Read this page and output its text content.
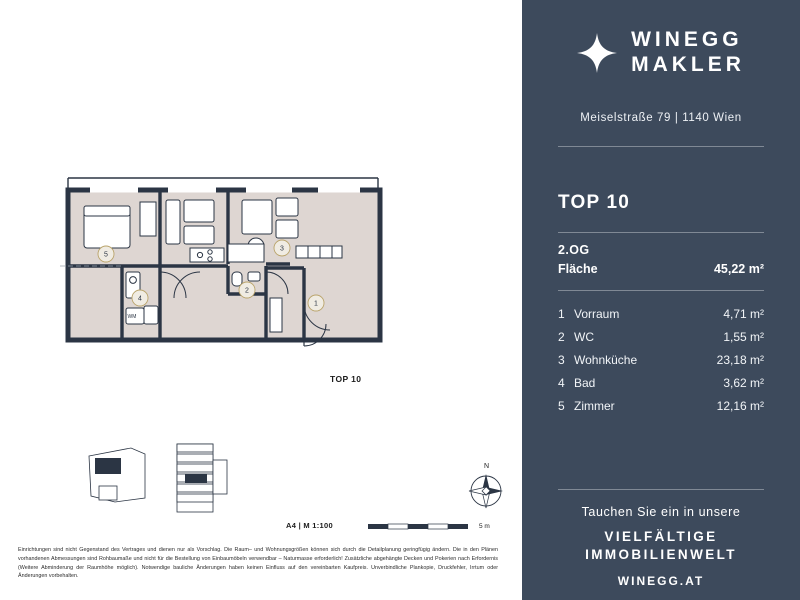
WM
5
3
2
4
1
TOP 10
N
A4 | M 1:100	5 m
Einrichtungen sind nicht Gegenstand des Vertrages und dienen nur als Vorschlag. Die Raum– und Wohnungsgrößen können sich durch die Detailplanung geringfügig ändern. Die in den Plänen vorhandenen Abmessungen sind Rohbaumaße und nicht für die Bestellung von Einbaumöbeln verwendbar – Naturmasse erforderlich! Zusätzliche abgehängte Decken und Pokerien nach Erfordernis (Weitere Abminderung der Raumhöhe möglich). Notwendige bauliche Änderungen haben keinen Einfluss auf den vereinbarten Kaufpreis. Unverbindliche Plankopie, Druckfehler, Irrtum oder Änderungen vorbehalten.
WINEGG
MAKLER
Meiselstraße 79 | 1140 Wien
TOP 10
2.OG
Fläche	45,22 m²
1 Vorraum	4,71 m²
2 WC	1,55 m²
3 Wohnküche	23,18 m²
4 Bad	3,62 m²
5 Zimmer	12,16 m²
Tauchen Sie ein in unsere
VIELFÄLTIGE
IMMOBILIENWELT
WINEGG.AT
